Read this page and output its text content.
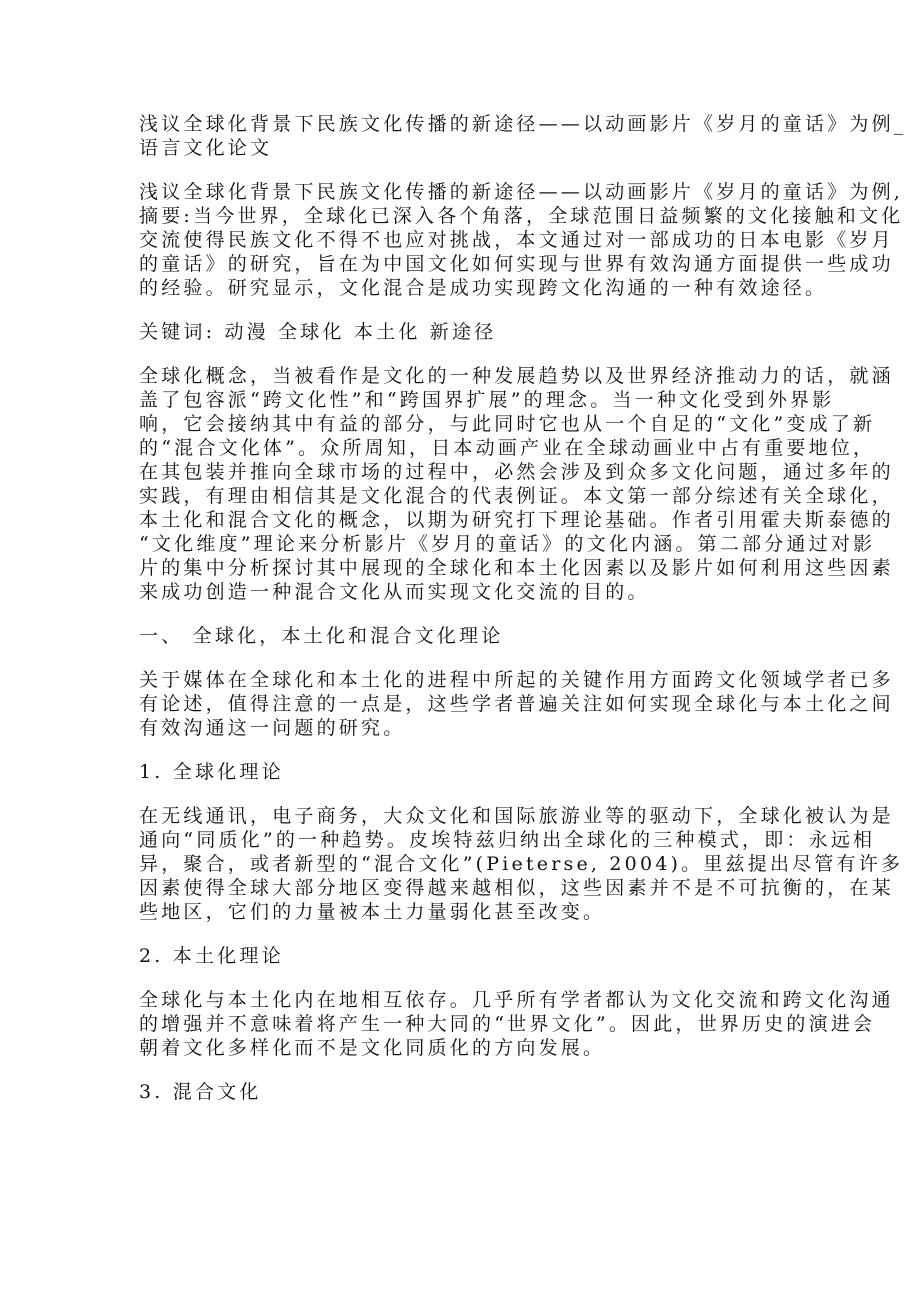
浅议全球化背景下民族文化传播的新途径——以动画影片《岁月的童话》为例_
语言文化论文
浅议全球化背景下民族文化传播的新途径——以动画影片《岁月的童话》为例,
摘要:当今世界，全球化已深入各个角落，全球范围日益频繁的文化接触和文化
交流使得民族文化不得不也应对挑战，本文通过对一部成功的日本电影《岁月
的童话》的研究，旨在为中国文化如何实现与世界有效沟通方面提供一些成功
的经验。研究显示，文化混合是成功实现跨文化沟通的一种有效途径。
关键词: 动漫 全球化 本土化 新途径
全球化概念，当被看作是文化的一种发展趋势以及世界经济推动力的话，就涵
盖了包容派“跨文化性”和“跨国界扩展”的理念。当一种文化受到外界影
响，它会接纳其中有益的部分，与此同时它也从一个自足的“文化”变成了新
的“混合文化体”。众所周知，日本动画产业在全球动画业中占有重要地位，
在其包装并推向全球市场的过程中，必然会涉及到众多文化问题，通过多年的
实践，有理由相信其是文化混合的代表例证。本文第一部分综述有关全球化，
本土化和混合文化的概念，以期为研究打下理论基础。作者引用霍夫斯泰德的
“文化维度”理论来分析影片《岁月的童话》的文化内涵。第二部分通过对影
片的集中分析探讨其中展现的全球化和本土化因素以及影片如何利用这些因素
来成功创造一种混合文化从而实现文化交流的目的。
一、 全球化，本土化和混合文化理论
关于媒体在全球化和本土化的进程中所起的关键作用方面跨文化领域学者已多
有论述，值得注意的一点是，这些学者普遍关注如何实现全球化与本土化之间
有效沟通这一问题的研究。
1. 全球化理论
在无线通讯，电子商务，大众文化和国际旅游业等的驱动下，全球化被认为是
通向“同质化”的一种趋势。皮埃特兹归纳出全球化的三种模式，即：永远相
异，聚合，或者新型的“混合文化”(Pieterse, 2004)。里兹提出尽管有许多
因素使得全球大部分地区变得越来越相似，这些因素并不是不可抗衡的，在某
些地区，它们的力量被本土力量弱化甚至改变。
2. 本土化理论
全球化与本土化内在地相互依存。几乎所有学者都认为文化交流和跨文化沟通
的增强并不意味着将产生一种大同的“世界文化”。因此，世界历史的演进会
朝着文化多样化而不是文化同质化的方向发展。
3. 混合文化
